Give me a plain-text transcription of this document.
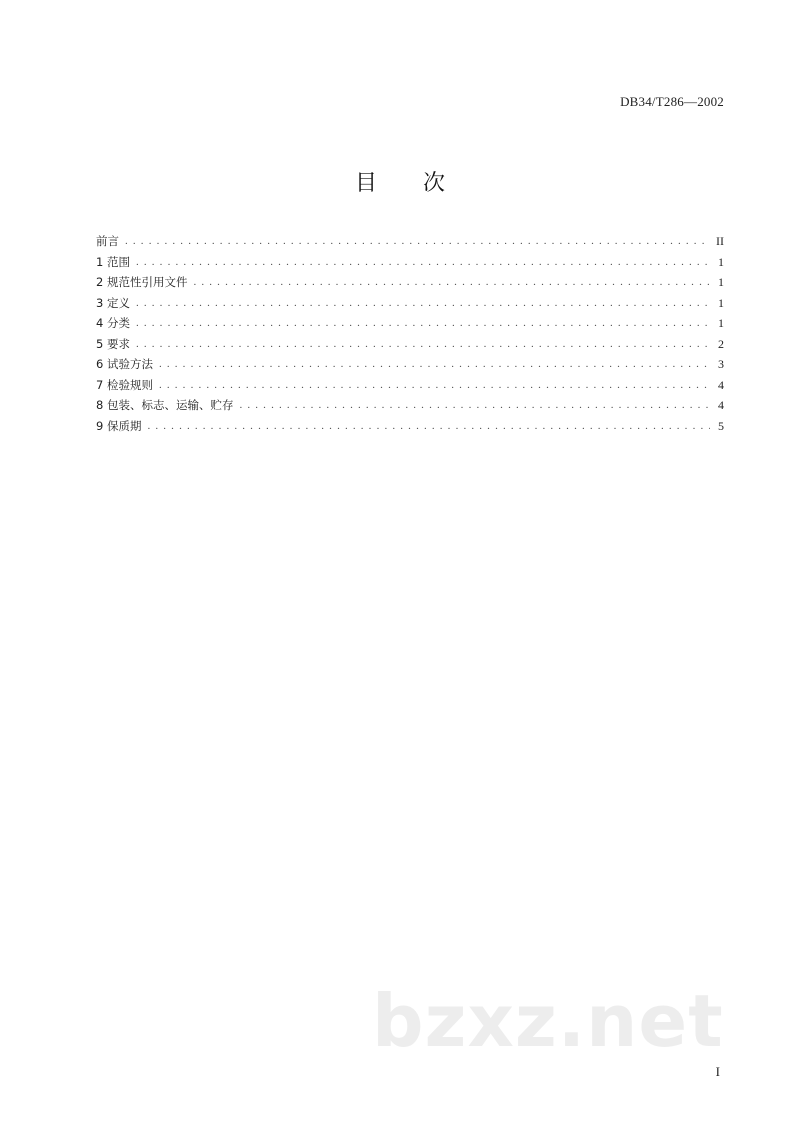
DB34/T286—2002
目 次
前言 . . .	II
1 范围 . . .	1
2 规范性引用文件 . . .	1
3 定义 . . .	1
4 分类 . . .	1
5 要求 . . .	2
6 试验方法 . . .	3
7 检验规则 . . .	4
8 包装、标志、运输、贮存 . . .	4
9 保质期 . . .	5
bzxz.net
I
